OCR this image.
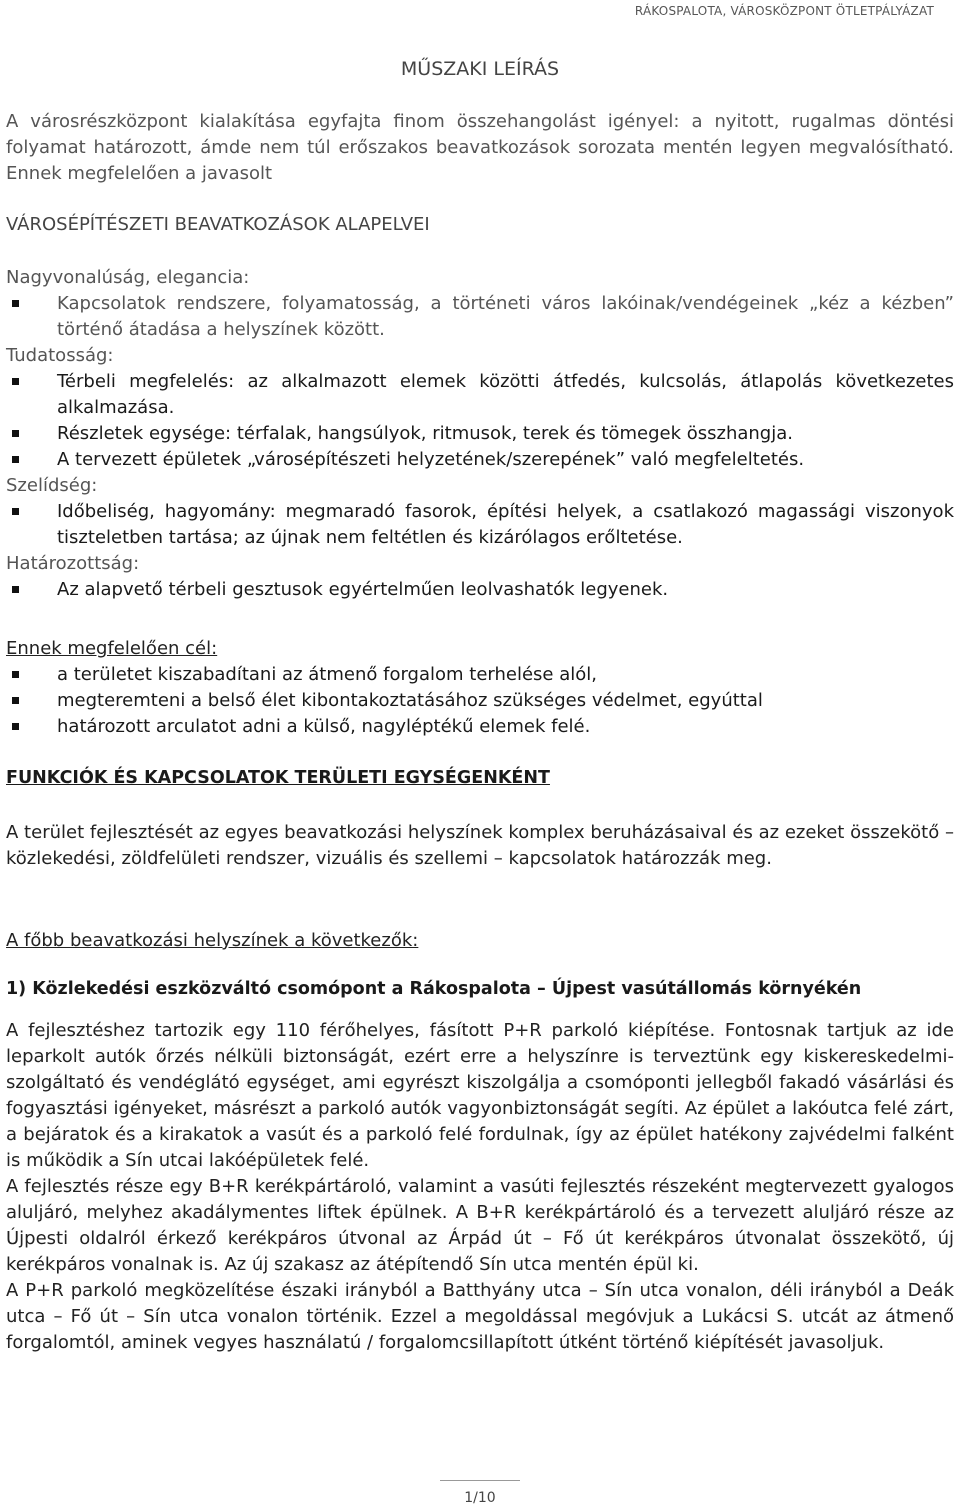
RÁKOSPALOTA, VÁROSKÖZPONT ÖTLETPÁLYÁZAT
MŰSZAKI LEÍRÁS

A városrészközpont kialakítása egyfajta finom összehangolást igényel: a nyitott, rugalmas döntési folyamat határozott, ámde nem túl erőszakos beavatkozások sorozata mentén legyen megvalósítható. Ennek megfelelően a javasolt

VÁROSÉPÍTÉSZETI BEAVATKOZÁSOK ALAPELVEI
Nagyvonalúság, elegancia:
Kapcsolatok rendszere, folyamatosság, a történeti város lakóinak/vendégeinek „kéz a kézben” történő átadása a helyszínek között.
Tudatosság:
Térbeli megfelelés: az alkalmazott elemek közötti átfedés, kulcsolás, átlapolás következetes alkalmazása.
Részletek egysége: térfalak, hangsúlyok, ritmusok, terek és tömegek összhangja.
A tervezett épületek „városépítészeti helyzetének/szerepének” való megfeleltetés.
Szelídség:
Időbeliség, hagyomány: megmaradó fasorok, építési helyek, a csatlakozó magassági viszonyok tiszteletben tartása; az újnak nem feltétlen és kizárólagos erőltetése.
Határozottság:
Az alapvető térbeli gesztusok egyértelműen leolvashatók legyenek.
Ennek megfelelően cél:
a területet kiszabadítani az átmenő forgalom terhelése alól,
megteremteni a belső élet kibontakoztatásához szükséges védelmet, egyúttal
határozott arculatot adni a külső, nagyléptékű elemek felé.
FUNKCIÓK ÉS KAPCSOLATOK TERÜLETI EGYSÉGENKÉNT

A terület fejlesztését az egyes beavatkozási helyszínek komplex beruházásaival és az ezeket összekötő – közlekedési, zöldfelületi rendszer, vizuális és szellemi – kapcsolatok határozzák meg.

A főbb beavatkozási helyszínek a következők:
1) Közlekedési eszközváltó csomópont a Rákospalota – Újpest vasútállomás környékén

A fejlesztéshez tartozik egy 110 férőhelyes, fásított P+R parkoló kiépítése. Fontosnak tartjuk az ide leparkolt autók őrzés nélküli biztonságát, ezért erre a helyszínre is terveztünk egy kiskereskedelmi-szolgáltató és vendéglátó egységet, ami egyrészt kiszolgálja a csomóponti jellegből fakadó vásárlási és fogyasztási igényeket, másrészt a parkoló autók vagyonbiztonságát segíti. Az épület a lakóutca felé zárt, a bejáratok és a kirakatok a vasút és a parkoló felé fordulnak, így az épület hatékony zajvédelmi falként is működik a Sín utcai lakóépületek felé.

A fejlesztés része egy B+R kerékpártároló, valamint a vasúti fejlesztés részeként megtervezett gyalogos aluljáró, melyhez akadálymentes liftek épülnek. A B+R kerékpártároló és a tervezett aluljáró része az Újpesti oldalról érkező kerékpáros útvonal az Árpád út – Fő út kerékpáros útvonalat összekötő, új kerékpáros vonalnak is. Az új szakasz az átépítendő Sín utca mentén épül ki.

A P+R parkoló megközelítése északi irányból a Batthyány utca – Sín utca vonalon, déli irányból a Deák utca – Fő út – Sín utca vonalon történik. Ezzel a megoldással megóvjuk a Lukácsi S. utcát az átmenő forgalomtól, aminek vegyes használatú / forgalomcsillapított útként történő kiépítését javasoljuk.

1/10
